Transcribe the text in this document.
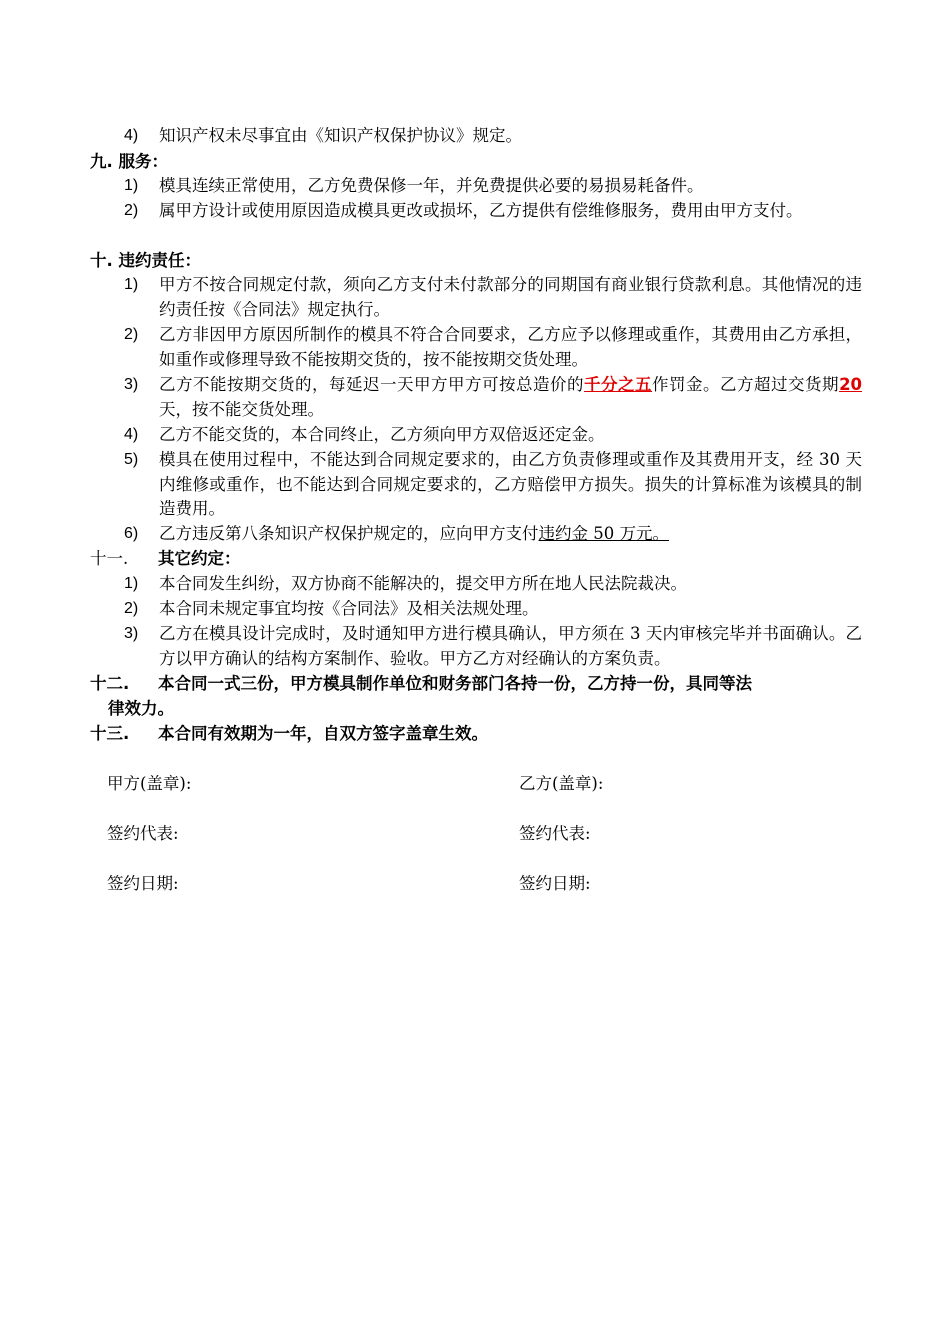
4) 知识产权未尽事宜由《知识产权保护协议》规定。
九. 服务：
1) 模具连续正常使用，乙方免费保修一年，并免费提供必要的易损易耗备件。
2) 属甲方设计或使用原因造成模具更改或损坏，乙方提供有偿维修服务，费用由甲方支付。
十. 违约责任：
1) 甲方不按合同规定付款，须向乙方支付未付款部分的同期国有商业银行贷款利息。其他情况的违约责任按《合同法》规定执行。
2) 乙方非因甲方原因所制作的模具不符合合同要求，乙方应予以修理或重作，其费用由乙方承担，如重作或修理导致不能按期交货的，按不能按期交货处理。
3) 乙方不能按期交货的，每延迟一天甲方甲方可按总造价的千分之五作罚金。乙方超过交货期20天，按不能交货处理。
4) 乙方不能交货的，本合同终止，乙方须向甲方双倍返还定金。
5) 模具在使用过程中，不能达到合同规定要求的，由乙方负责修理或重作及其费用开支，经 30 天内维修或重作，也不能达到合同规定要求的，乙方赔偿甲方损失。损失的计算标准为该模具的制造费用。
6) 乙方违反第八条知识产权保护规定的，应向甲方支付违约金 50 万元。
十一. 其它约定：
1) 本合同发生纠纷，双方协商不能解决的，提交甲方所在地人民法院裁决。
2) 本合同未规定事宜均按《合同法》及相关法规处理。
3) 乙方在模具设计完成时，及时通知甲方进行模具确认，甲方须在 3 天内审核完毕并书面确认。乙方以甲方确认的结构方案制作、验收。甲方乙方对经确认的方案负责。
十二. 本合同一式三份，甲方模具制作单位和财务部门各持一份，乙方持一份，具同等法
律效力。
十三. 本合同有效期为一年，自双方签字盖章生效。
甲方(盖章):	乙方(盖章):
签约代表:	签约代表:
签约日期:	签约日期:
